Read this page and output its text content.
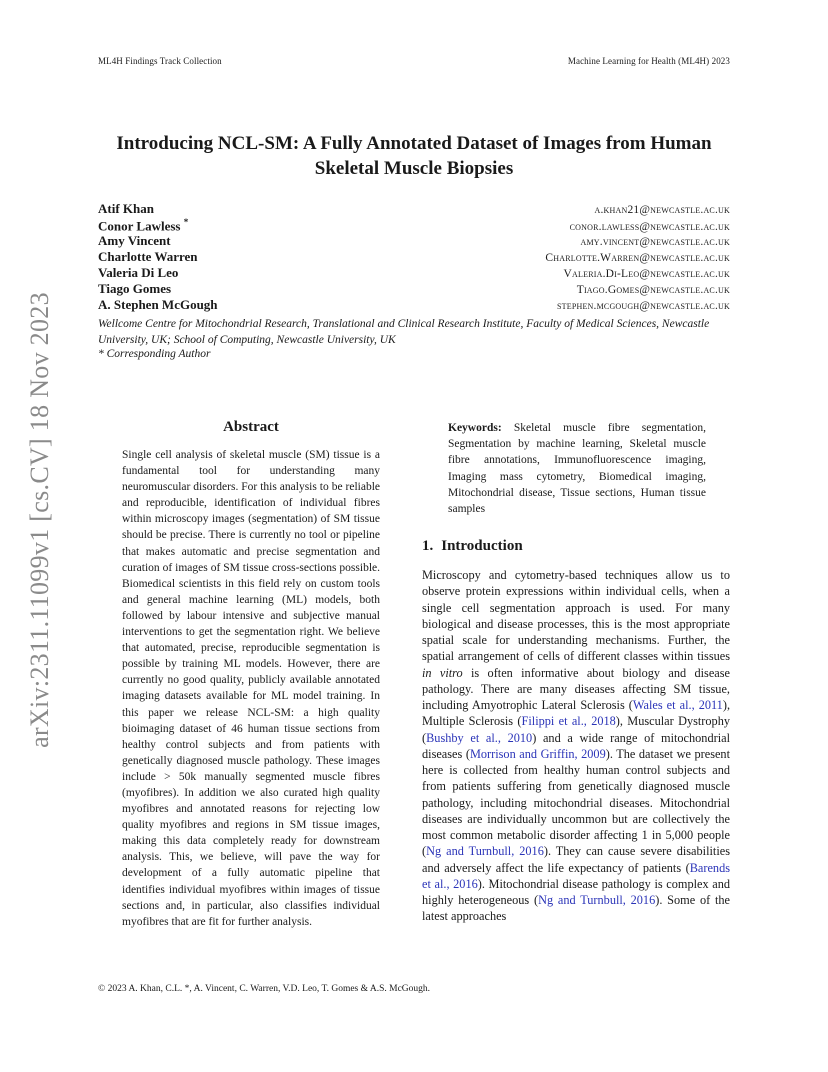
ML4H Findings Track Collection	Machine Learning for Health (ML4H) 2023
arXiv:2311.11099v1 [cs.CV] 18 Nov 2023
Introducing NCL-SM: A Fully Annotated Dataset of Images from Human Skeletal Muscle Biopsies
Atif Khan	a.khan21@newcastle.ac.uk
Conor Lawless *	conor.lawless@newcastle.ac.uk
Amy Vincent	amy.vincent@newcastle.ac.uk
Charlotte Warren	Charlotte.Warren@newcastle.ac.uk
Valeria Di Leo	Valeria.Di-Leo@newcastle.ac.uk
Tiago Gomes	Tiago.Gomes@newcastle.ac.uk
A. Stephen McGough	stephen.mcgough@newcastle.ac.uk
Wellcome Centre for Mitochondrial Research, Translational and Clinical Research Institute, Faculty of Medical Sciences, Newcastle University, UK; School of Computing, Newcastle University, UK
* Corresponding Author
Abstract

Single cell analysis of skeletal muscle (SM) tissue is a fundamental tool for understanding many neuromuscular disorders. For this analysis to be reliable and reproducible, identification of individual fibres within microscopy images (segmentation) of SM tissue should be precise. There is currently no tool or pipeline that makes automatic and precise segmentation and curation of images of SM tissue cross-sections possible. Biomedical scientists in this field rely on custom tools and general machine learning (ML) models, both followed by labour intensive and subjective manual interventions to get the segmentation right. We believe that automated, precise, reproducible segmentation is possible by training ML models. However, there are currently no good quality, publicly available annotated imaging datasets available for ML model training. In this paper we release NCL-SM: a high quality bioimaging dataset of 46 human tissue sections from healthy control subjects and from patients with genetically diagnosed muscle pathology. These images include > 50k manually segmented muscle fibres (myofibres). In addition we also curated high quality myofibres and annotated reasons for rejecting low quality myofibres and regions in SM tissue images, making this data completely ready for downstream analysis. This, we believe, will pave the way for development of a fully automatic pipeline that identifies individual myofibres within images of tissue sections and, in particular, also classifies individual myofibres that are fit for further analysis.

Keywords: Skeletal muscle fibre segmentation, Segmentation by machine learning, Skeletal muscle fibre annotations, Immunofluorescence imaging, Imaging mass cytometry, Biomedical imaging, Mitochondrial disease, Tissue sections, Human tissue samples

1. Introduction

Microscopy and cytometry-based techniques allow us to observe protein expressions within individual cells, when a single cell segmentation approach is used. For many biological and disease processes, this is the most appropriate spatial scale for understanding mechanisms. Further, the spatial arrangement of cells of different classes within tissues in vitro is often informative about biology and disease pathology. There are many diseases affecting SM tissue, including Amyotrophic Lateral Sclerosis (Wales et al., 2011), Multiple Sclerosis (Filippi et al., 2018), Muscular Dystrophy (Bushby et al., 2010) and a wide range of mitochondrial diseases (Morrison and Griffin, 2009). The dataset we present here is collected from healthy human control subjects and from patients suffering from genetically diagnosed muscle pathology, including mitochondrial diseases. Mitochondrial diseases are individually uncommon but are collectively the most common metabolic disorder affecting 1 in 5,000 people (Ng and Turnbull, 2016). They can cause severe disabilities and adversely affect the life expectancy of patients (Barends et al., 2016). Mitochondrial disease pathology is complex and highly heterogeneous (Ng and Turnbull, 2016). Some of the latest approaches

© 2023 A. Khan, C.L. *, A. Vincent, C. Warren, V.D. Leo, T. Gomes & A.S. McGough.
